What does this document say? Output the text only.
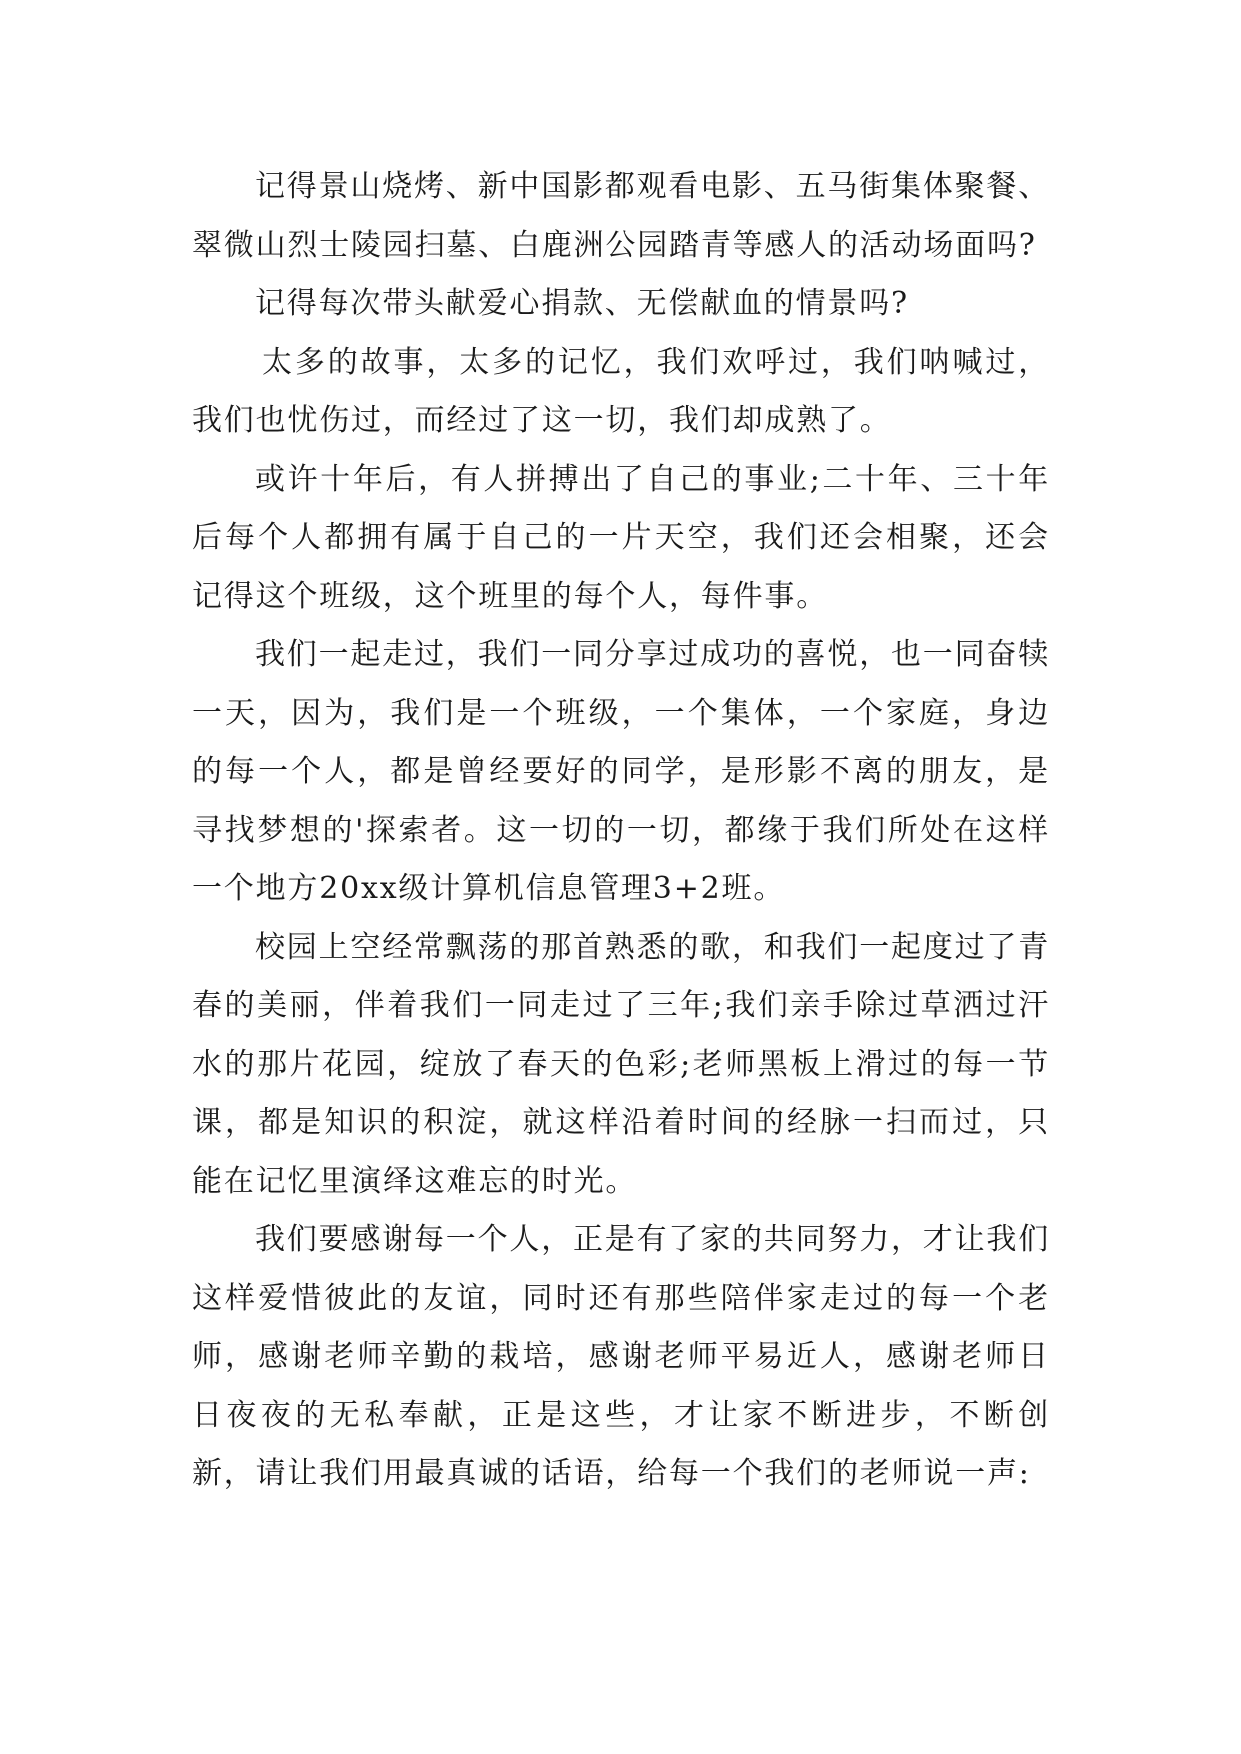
记得景山烧烤、新中国影都观看电影、五马街集体聚餐、翠微山烈士陵园扫墓、白鹿洲公园踏青等感人的活动场面吗?

记得每次带头献爱心捐款、无偿献血的情景吗?

太多的故事，太多的记忆，我们欢呼过，我们呐喊过，我们也忧伤过，而经过了这一切，我们却成熟了。

或许十年后，有人拼搏出了自己的事业;二十年、三十年后每个人都拥有属于自己的一片天空，我们还会相聚，还会记得这个班级，这个班里的每个人，每件事。

我们一起走过，我们一同分享过成功的喜悦，也一同奋犊一天，因为，我们是一个班级，一个集体，一个家庭，身边的每一个人，都是曾经要好的同学，是形影不离的朋友，是寻找梦想的'探索者。这一切的一切，都缘于我们所处在这样一个地方20xx级计算机信息管理3+2班。

校园上空经常飘荡的那首熟悉的歌，和我们一起度过了青春的美丽，伴着我们一同走过了三年;我们亲手除过草洒过汗水的那片花园，绽放了春天的色彩;老师黑板上滑过的每一节课，都是知识的积淀，就这样沿着时间的经脉一扫而过，只能在记忆里演绎这难忘的时光。

我们要感谢每一个人，正是有了家的共同努力，才让我们这样爱惜彼此的友谊，同时还有那些陪伴家走过的每一个老师，感谢老师辛勤的栽培，感谢老师平易近人，感谢老师日日夜夜的无私奉献，正是这些，才让家不断进步，不断创新，请让我们用最真诚的话语，给每一个我们的老师说一声:
